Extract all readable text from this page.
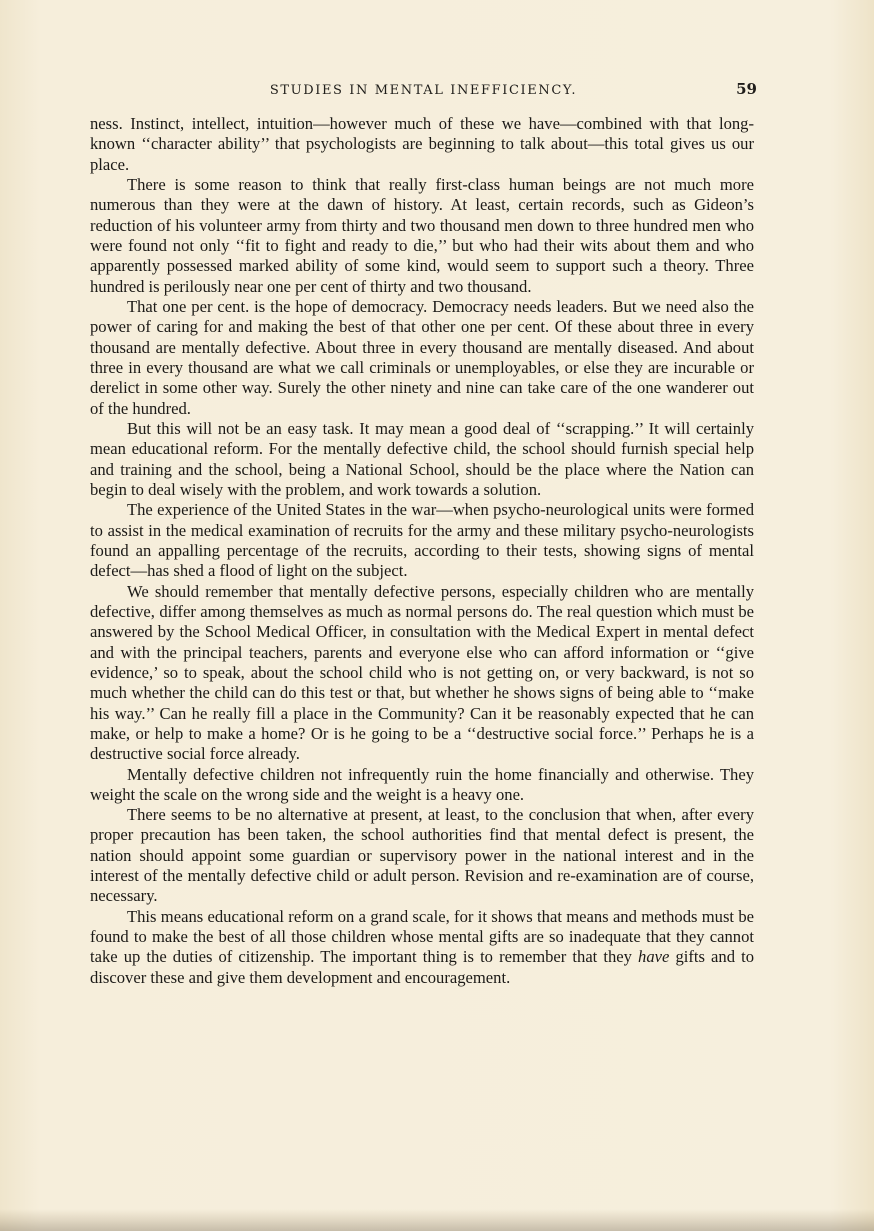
STUDIES IN MENTAL INEFFICIENCY.	59

ness. Instinct, intellect, intuition—however much of these we have—combined with that long-known ‘‘character ability’’ that psychologists are beginning to talk about—this total gives us our place.

There is some reason to think that really first-class human beings are not much more numerous than they were at the dawn of history. At least, certain records, such as Gideon’s reduction of his volunteer army from thirty and two thousand men down to three hundred men who were found not only ‘‘fit to fight and ready to die,’’ but who had their wits about them and who apparently possessed marked ability of some kind, would seem to support such a theory. Three hundred is perilously near one per cent of thirty and two thousand.

That one per cent. is the hope of democracy. Democracy needs leaders. But we need also the power of caring for and making the best of that other one per cent. Of these about three in every thousand are mentally defective. About three in every thousand are mentally diseased. And about three in every thousand are what we call criminals or unemployables, or else they are incurable or derelict in some other way. Surely the other ninety and nine can take care of the one wanderer out of the hundred.

But this will not be an easy task. It may mean a good deal of ‘‘scrapping.’’ It will certainly mean educational reform. For the mentally defective child, the school should furnish special help and training and the school, being a National School, should be the place where the Nation can begin to deal wisely with the problem, and work towards a solution.

The experience of the United States in the war—when psycho-neurological units were formed to assist in the medical examination of recruits for the army and these military psycho-neurologists found an appalling percentage of the recruits, according to their tests, showing signs of mental defect—has shed a flood of light on the subject.

We should remember that mentally defective persons, especially children who are mentally defective, differ among themselves as much as normal persons do. The real question which must be answered by the School Medical Officer, in consultation with the Medical Expert in mental defect and with the principal teachers, parents and everyone else who can afford information or ‘‘give evidence,’ so to speak, about the school child who is not getting on, or very backward, is not so much whether the child can do this test or that, but whether he shows signs of being able to ‘‘make his way.’’ Can he really fill a place in the Community? Can it be reasonably expected that he can make, or help to make a home? Or is he going to be a ‘‘destructive social force.’’ Perhaps he is a destructive social force already.

Mentally defective children not infrequently ruin the home financially and otherwise. They weight the scale on the wrong side and the weight is a heavy one.

There seems to be no alternative at present, at least, to the conclusion that when, after every proper precaution has been taken, the school authorities find that mental defect is present, the nation should appoint some guardian or supervisory power in the national interest and in the interest of the mentally defective child or adult person. Revision and re-examination are of course, necessary.

This means educational reform on a grand scale, for it shows that means and methods must be found to make the best of all those children whose mental gifts are so inadequate that they cannot take up the duties of citizenship. The important thing is to remember that they have gifts and to discover these and give them development and encouragement.
